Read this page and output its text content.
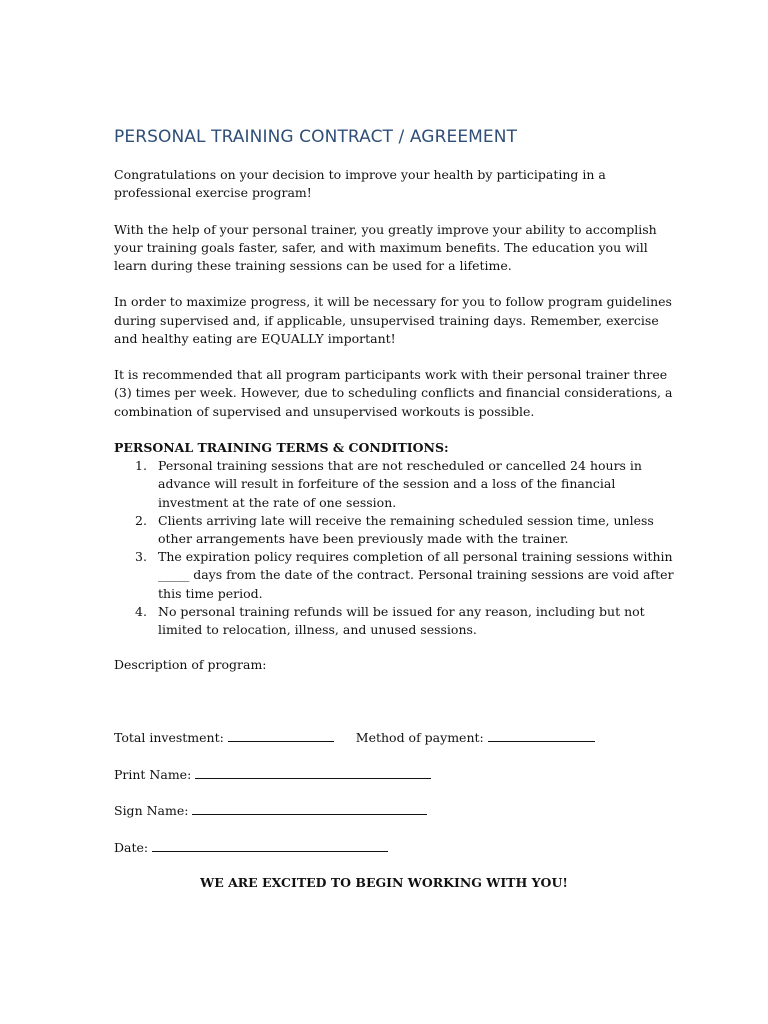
PERSONAL TRAINING CONTRACT / AGREEMENT

Congratulations on your decision to improve your health by participating in a professional exercise program!

With the help of your personal trainer, you greatly improve your ability to accomplish your training goals faster, safer, and with maximum benefits. The education you will learn during these training sessions can be used for a lifetime.

In order to maximize progress, it will be necessary for you to follow program guidelines during supervised and, if applicable, unsupervised training days. Remember, exercise and healthy eating are EQUALLY important!

It is recommended that all program participants work with their personal trainer three (3) times per week. However, due to scheduling conflicts and financial considerations, a combination of supervised and unsupervised workouts is possible.

PERSONAL TRAINING TERMS & CONDITIONS:

1. Personal training sessions that are not rescheduled or cancelled 24 hours in advance will result in forfeiture of the session and a loss of the financial investment at the rate of one session.
2. Clients arriving late will receive the remaining scheduled session time, unless other arrangements have been previously made with the trainer.
3. The expiration policy requires completion of all personal training sessions within _____ days from the date of the contract. Personal training sessions are void after this time period.
4. No personal training refunds will be issued for any reason, including but not limited to relocation, illness, and unused sessions.
Description of program:
Total investment:	Method of payment:
Print Name:
Sign Name:
Date:
WE ARE EXCITED TO BEGIN WORKING WITH YOU!
